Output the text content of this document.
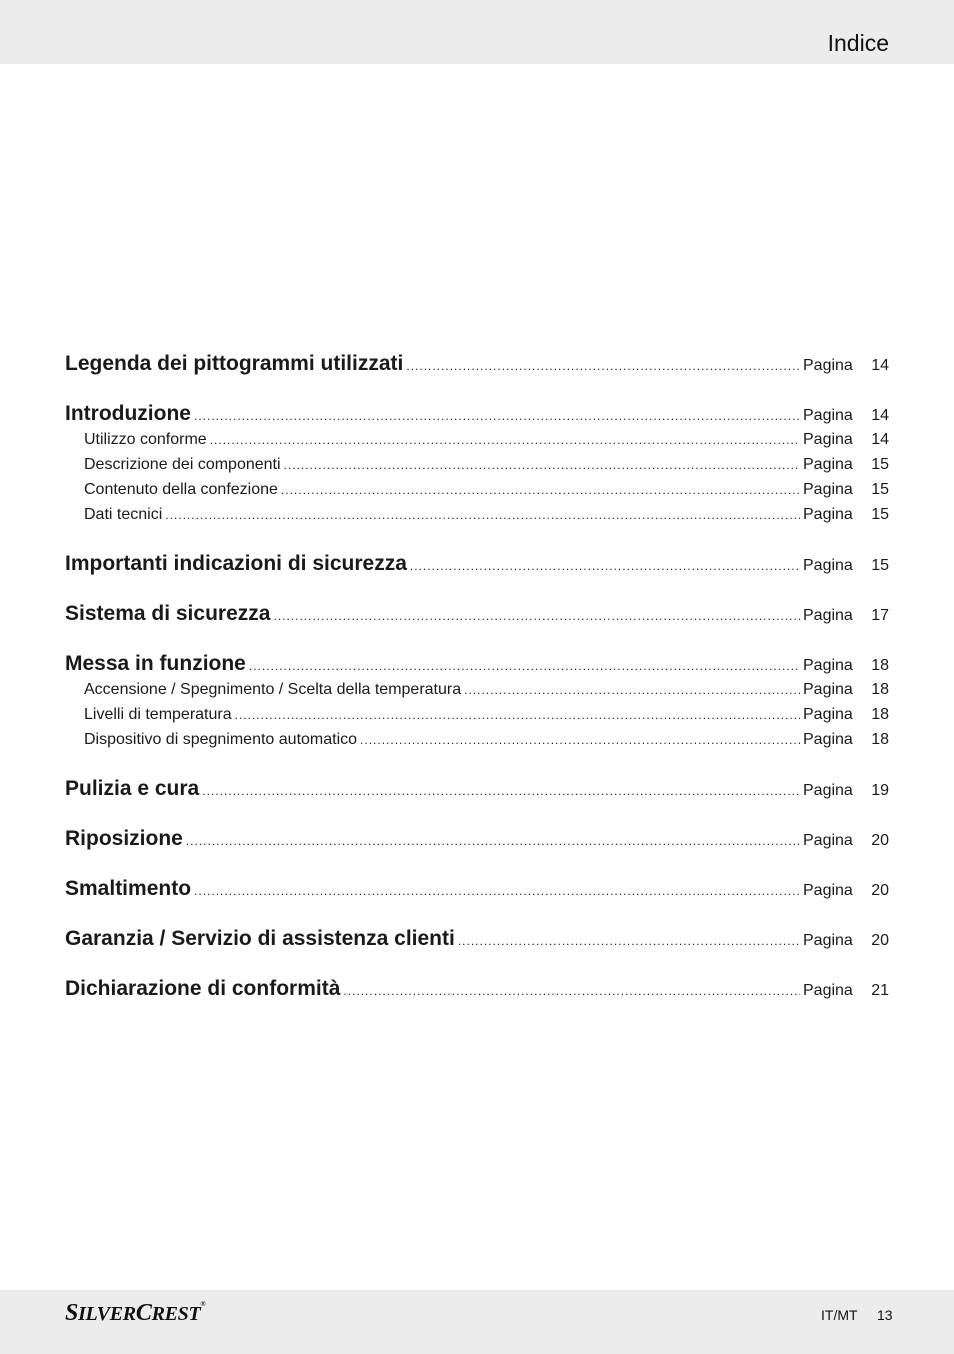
Indice
Legenda dei pittogrammi utilizzati .....	Pagina	14
Introduzione .....	Pagina	14
Utilizzo conforme .....	Pagina	14
Descrizione dei componenti .....	Pagina	15
Contenuto della confezione .....	Pagina	15
Dati tecnici .....	Pagina	15
Importanti indicazioni di sicurezza .....	Pagina	15
Sistema di sicurezza .....	Pagina	17
Messa in funzione .....	Pagina	18
Accensione / Spegnimento / Scelta della temperatura .....	Pagina	18
Livelli di temperatura .....	Pagina	18
Dispositivo di spegnimento automatico .....	Pagina	18
Pulizia e cura .....	Pagina	19
Riposizione .....	Pagina	20
Smaltimento .....	Pagina	20
Garanzia / Servizio di assistenza clienti .....	Pagina	20
Dichiarazione di conformità .....	Pagina	21
SILVERCREST®
IT/MT 13
